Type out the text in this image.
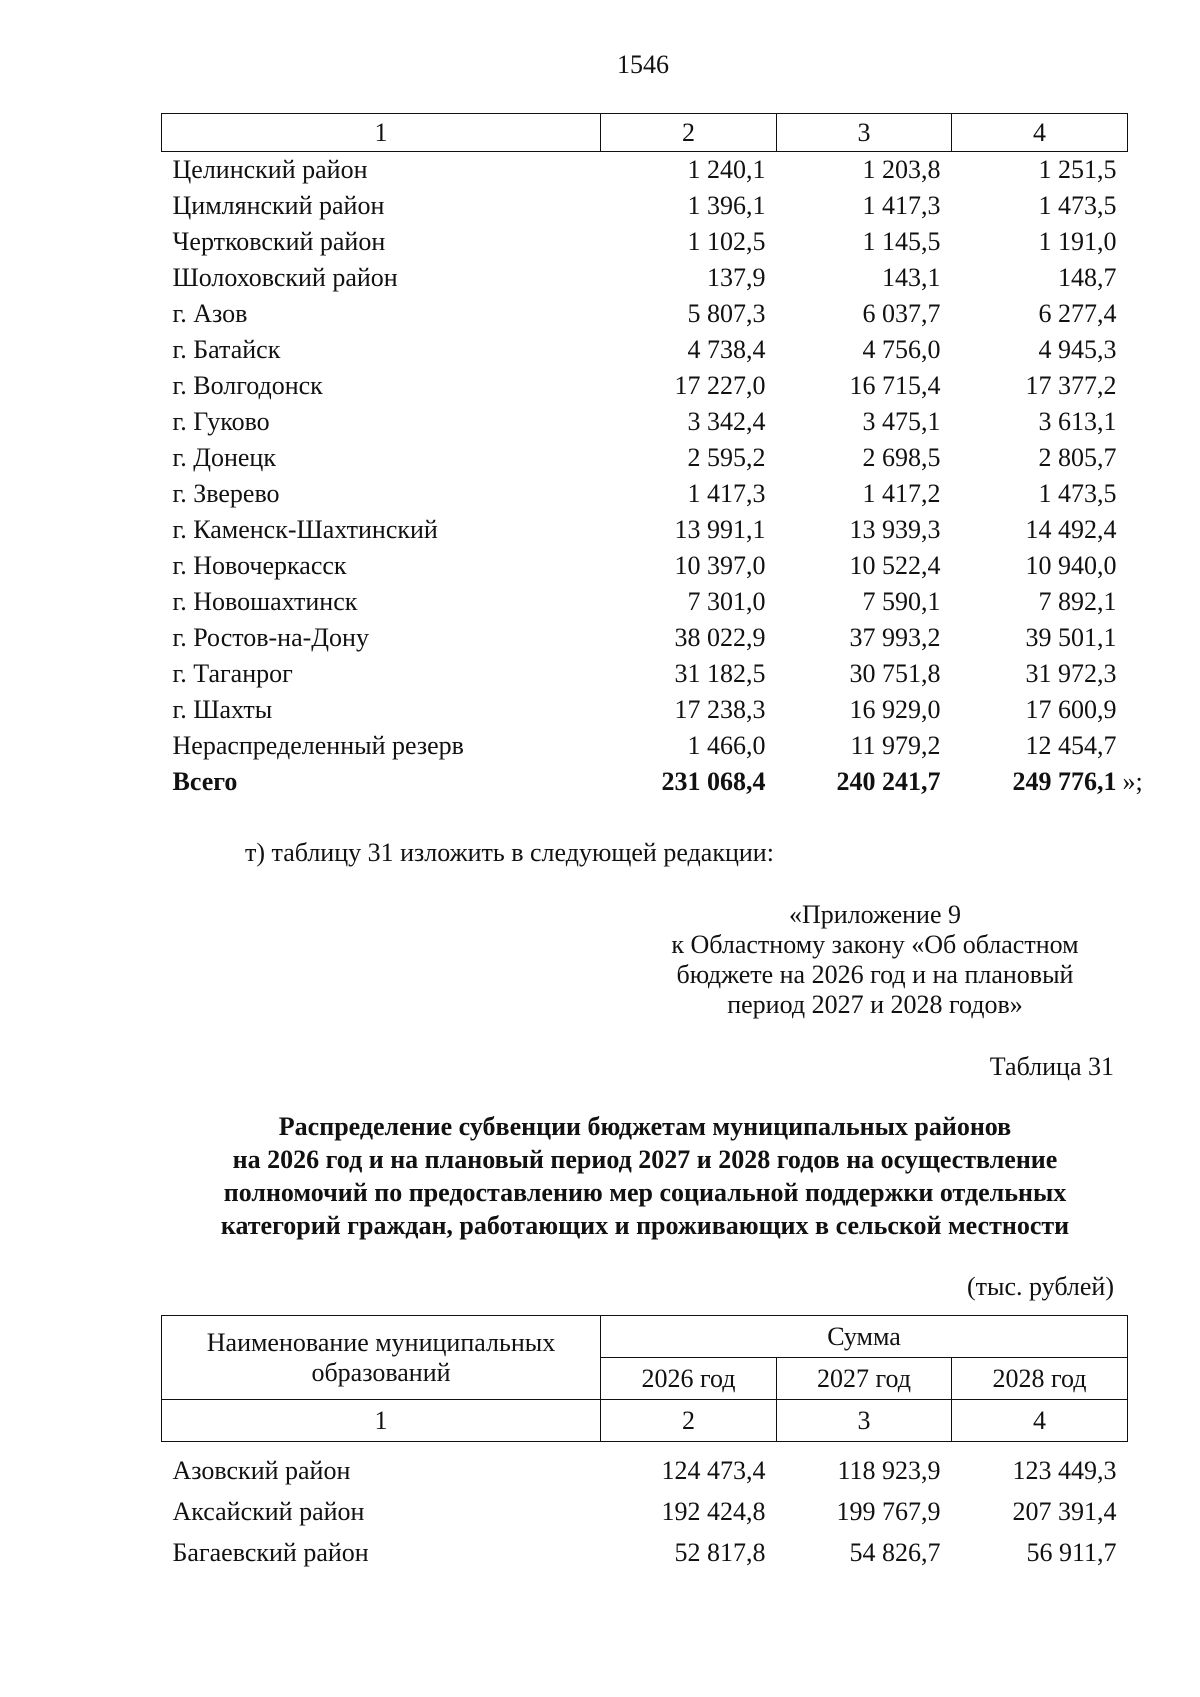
1546
1	2	3	4
Целинский район	1 240,1	1 203,8	1 251,5
Цимлянский район	1 396,1	1 417,3	1 473,5
Чертковский район	1 102,5	1 145,5	1 191,0
Шолоховский район	137,9	143,1	148,7
г. Азов	5 807,3	6 037,7	6 277,4
г. Батайск	4 738,4	4 756,0	4 945,3
г. Волгодонск	17 227,0	16 715,4	17 377,2
г. Гуково	3 342,4	3 475,1	3 613,1
г. Донецк	2 595,2	2 698,5	2 805,7
г. Зверево	1 417,3	1 417,2	1 473,5
г. Каменск-Шахтинский	13 991,1	13 939,3	14 492,4
г. Новочеркасск	10 397,0	10 522,4	10 940,0
г. Новошахтинск	7 301,0	7 590,1	7 892,1
г. Ростов-на-Дону	38 022,9	37 993,2	39 501,1
г. Таганрог	31 182,5	30 751,8	31 972,3
г. Шахты	17 238,3	16 929,0	17 600,9
Нераспределенный резерв	1 466,0	11 979,2	12 454,7
Всего	231 068,4	240 241,7	249 776,1 »;
т) таблицу 31 изложить в следующей редакции:
«Приложение 9
к Областному закону «Об областном
бюджете на 2026 год и на плановый
период 2027 и 2028 годов»
Таблица 31
Распределение субвенции бюджетам муниципальных районов
на 2026 год и на плановый период 2027 и 2028 годов на осуществление
полномочий по предоставлению мер социальной поддержки отдельных
категорий граждан, работающих и проживающих в сельской местности
(тыс. рублей)
Наименование муниципальных
образований	Сумма		
	2026 год	2027 год	2028 год
1	2	3	4

Азовский район	124 473,4	118 923,9	123 449,3
Аксайский район	192 424,8	199 767,9	207 391,4
Багаевский район	52 817,8	54 826,7	56 911,7
